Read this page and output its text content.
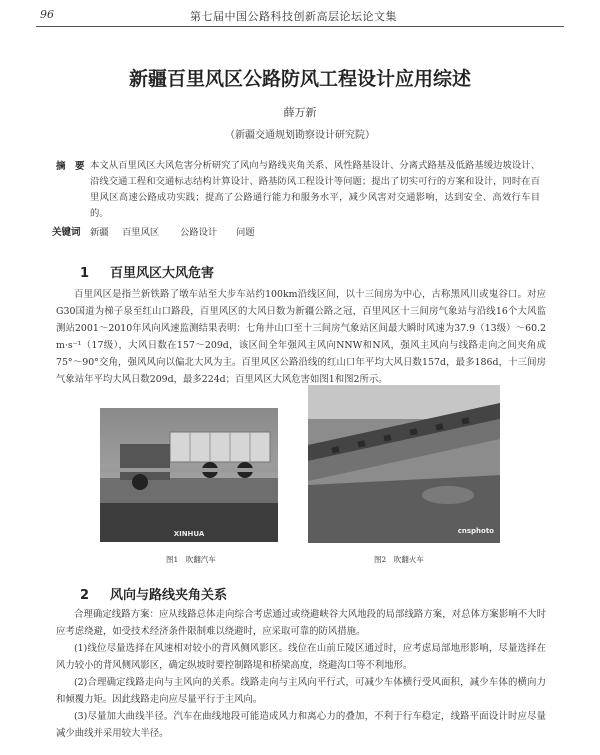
96	第七届中国公路科技创新高层论坛论文集
新疆百里风区公路防风工程设计应用综述
薛万新
（新疆交通规划勘察设计研究院）
摘　要 本文从百里风区大风危害分析研究了风向与路线夹角关系、风性路基设计、分离式路基及低路基缓边坡设计、沿线交通工程和交通标志结构计算设计、路基防风工程设计等问题；提出了切实可行的方案和设计，同时在百里风区高速公路成功实践；提高了公路通行能力和服务水平，减少风害对交通影响，达到安全、高效行车目的。
关键词 新疆 百里风区 公路设计 问题
1 百里风区大风危害

百里风区是指兰新铁路了墩车站至大步车站约100km沿线区间，以十三间房为中心，古称黑风川或鬼谷口。对应G30国道为梯子泉至红山口路段，百里风区的大风日数为新疆公路之冠，百里风区十三间房气象站与沿线16个大风监测站2001～2010年风向风速监测结果表明：七角井山口至十三间房气象站区间最大瞬时风速为37.9（13级）～60.2 m·s⁻¹（17级），大风日数在157～209d，该区间全年强风主风向NNW和N风，强风主风向与线路走向之间夹角成75°～90°交角，强风风向以偏北大风为主。百里风区公路沿线的红山口年平均大风日数157d，最多186d，十三间房气象站年平均大风日数209d，最多224d；百里风区大风危害如图1和图2所示。

XINHUA
图1　吹翻汽车
cnsphoto
图2　吹翻火车
2 风向与路线夹角关系

合理确定线路方案：应从线路总体走向综合考虑通过或绕避峡谷大风地段的局部线路方案，对总体方案影响不大时应考虑绕避，如受技术经济条件限制难以绕避时，应采取可靠的防风措施。

(1)线位尽量选择在风速相对较小的背风侧风影区。线位在山前丘陵区通过时，应考虑局部地形影响，尽量选择在风力较小的背风侧风影区，确定纵坡时要控制路堤和桥梁高度，绕避沟口等不利地形。

(2)合理确定线路走向与主风向的关系。线路走向与主风向平行式，可减少车体横行受风面积，减少车体的横向力和倾覆力矩。因此线路走向应尽量平行于主风向。

(3)尽量加大曲线半径。汽车在曲线地段可能造成风力和离心力的叠加，不利于行车稳定，线路平面设计时应尽量减少曲线并采用较大半径。
